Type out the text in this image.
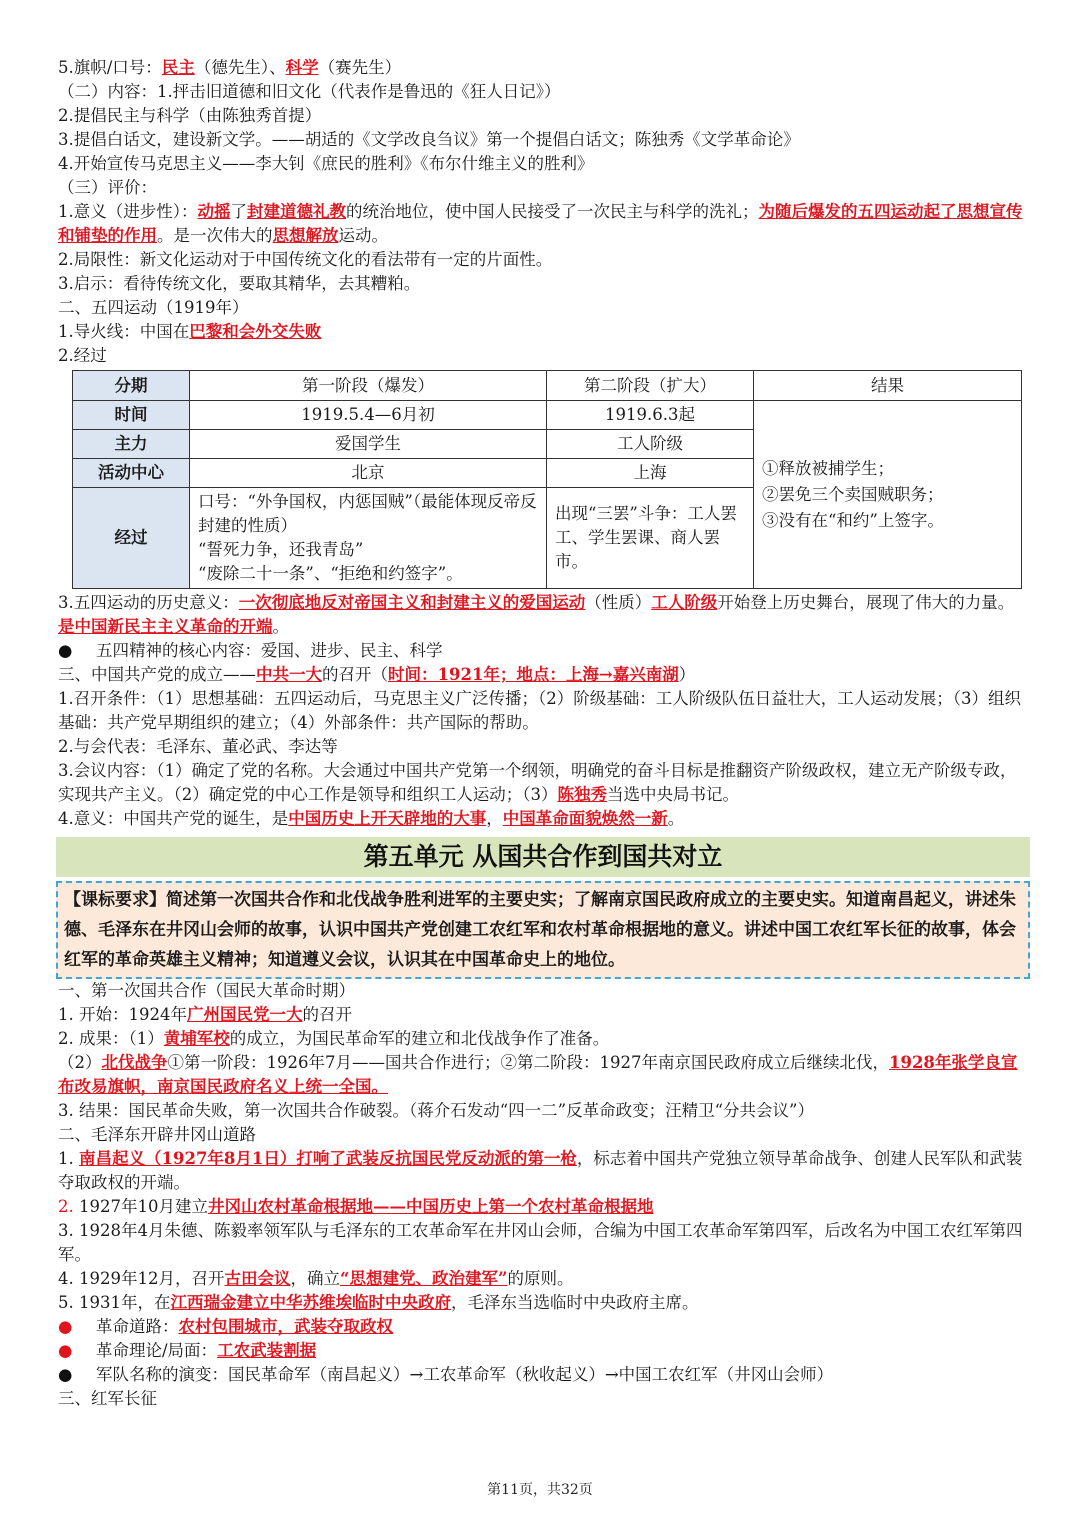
5.旗帜/口号：民主（德先生）、科学（赛先生）
（二）内容：1.抨击旧道德和旧文化（代表作是鲁迅的《狂人日记》）
2.提倡民主与科学（由陈独秀首提）
3.提倡白话文，建设新文学。——胡适的《文学改良刍议》第一个提倡白话文；陈独秀《文学革命论》
4.开始宣传马克思主义——李大钊《庶民的胜利》《布尔什维主义的胜利》
（三）评价：
1.意义（进步性）：动摇了封建道德礼教的统治地位，使中国人民接受了一次民主与科学的洗礼；为随后爆发的五四运动起了思想宣传和铺垫的作用。是一次伟大的思想解放运动。
2.局限性：新文化运动对于中国传统文化的看法带有一定的片面性。
3.启示：看待传统文化，要取其精华，去其糟粕。
二、五四运动（1919年）
1.导火线：中国在巴黎和会外交失败
2.经过
分期	第一阶段（爆发）	第二阶段（扩大）	结果
时间	1919.5.4—6月初	1919.6.3起	①释放被捕学生；
②罢免三个卖国贼职务；
③没有在“和约”上签字。

主力	爱国学生	工人阶级	
活动中心	北京	上海	
经过	口号：“外争国权，内惩国贼”（最能体现反帝反封建的性质）
“誓死力争，还我青岛”
“废除二十一条”、“拒绝和约签字”。	出现“三罢”斗争：工人罢工、学生罢课、商人罢市。	
3.五四运动的历史意义：一次彻底地反对帝国主义和封建主义的爱国运动（性质）工人阶级开始登上历史舞台，展现了伟大的力量。是中国新民主主义革命的开端。
● 五四精神的核心内容：爱国、进步、民主、科学
三、中国共产党的成立——中共一大的召开（时间：1921年；地点：上海→嘉兴南湖）
1.召开条件：（1）思想基础：五四运动后，马克思主义广泛传播；（2）阶级基础：工人阶级队伍日益壮大，工人运动发展；（3）组织基础：共产党早期组织的建立；（4）外部条件：共产国际的帮助。
2.与会代表：毛泽东、董必武、李达等
3.会议内容：（1）确定了党的名称。大会通过中国共产党第一个纲领，明确党的奋斗目标是推翻资产阶级政权，建立无产阶级专政，实现共产主义。（2）确定党的中心工作是领导和组织工人运动；（3）陈独秀当选中央局书记。
4.意义：中国共产党的诞生，是中国历史上开天辟地的大事，中国革命面貌焕然一新。
第五单元 从国共合作到国共对立
【课标要求】简述第一次国共合作和北伐战争胜利进军的主要史实；了解南京国民政府成立的主要史实。知道南昌起义，讲述朱德、毛泽东在井冈山会师的故事，认识中国共产党创建工农红军和农村革命根据地的意义。讲述中国工农红军长征的故事，体会红军的革命英雄主义精神；知道遵义会议，认识其在中国革命史上的地位。
一、第一次国共合作（国民大革命时期）
1. 开始：1924年广州国民党一大的召开
2. 成果：（1）黄埔军校的成立，为国民革命军的建立和北伐战争作了准备。
（2）北伐战争①第一阶段：1926年7月——国共合作进行；②第二阶段：1927年南京国民政府成立后继续北伐，1928年张学良宣布改易旗帜，南京国民政府名义上统一全国。
3. 结果：国民革命失败，第一次国共合作破裂。（蒋介石发动“四一二”反革命政变；汪精卫“分共会议”）
二、毛泽东开辟井冈山道路
1. 南昌起义（1927年8月1日）打响了武装反抗国民党反动派的第一枪，标志着中国共产党独立领导革命战争、创建人民军队和武装夺取政权的开端。
2. 1927年10月建立井冈山农村革命根据地——中国历史上第一个农村革命根据地
3. 1928年4月朱德、陈毅率领军队与毛泽东的工农革命军在井冈山会师，合编为中国工农革命军第四军，后改名为中国工农红军第四军。
4. 1929年12月，召开古田会议，确立“思想建党、政治建军”的原则。
5. 1931年，在江西瑞金建立中华苏维埃临时中央政府，毛泽东当选临时中央政府主席。
● 革命道路：农村包围城市，武装夺取政权
● 革命理论/局面：工农武装割据
● 军队名称的演变：国民革命军（南昌起义）→工农革命军（秋收起义）→中国工农红军（井冈山会师）
三、红军长征
第11页，共32页
